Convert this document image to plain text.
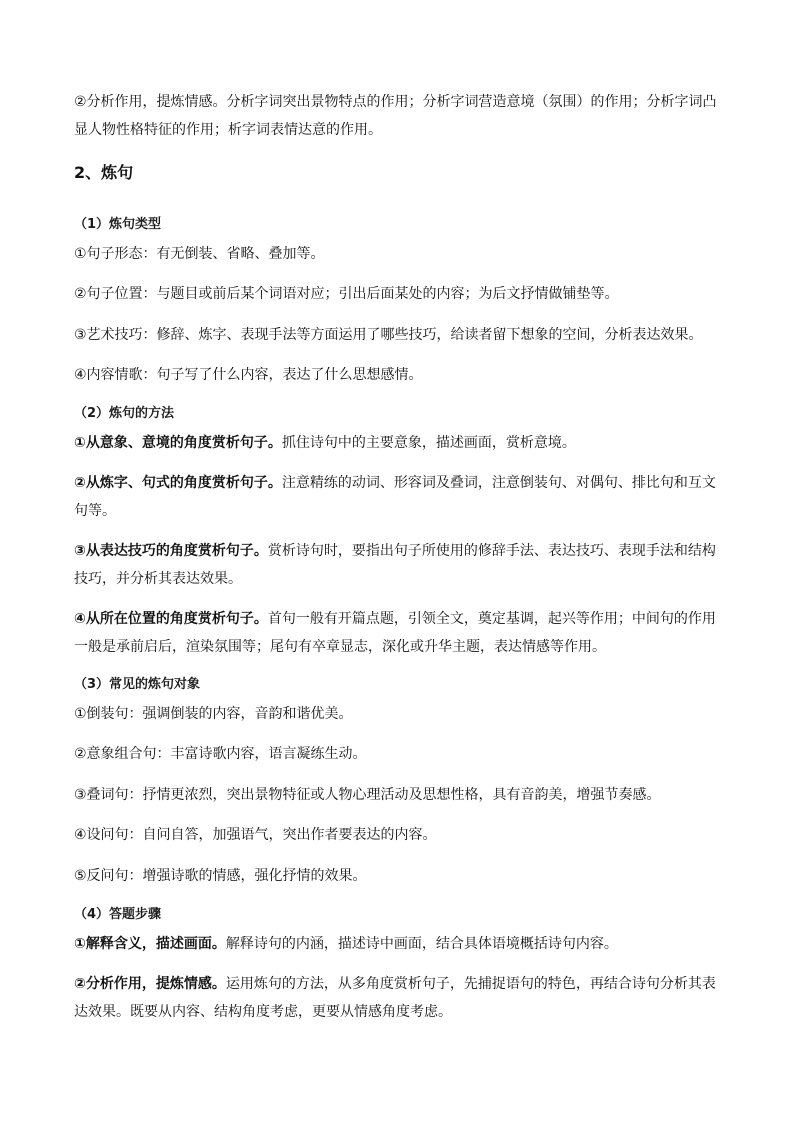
②分析作用，提炼情感。分析字词突出景物特点的作用；分析字词营造意境（氛围）的作用；分析字词凸显人物性格特征的作用；析字词表情达意的作用。

2、炼句
（1）炼句类型

①句子形态：有无倒装、省略、叠加等。

②句子位置：与题目或前后某个词语对应；引出后面某处的内容；为后文抒情做铺垫等。

③艺术技巧：修辞、炼字、表现手法等方面运用了哪些技巧，给读者留下想象的空间，分析表达效果。

④内容情歌：句子写了什么内容，表达了什么思想感情。

（2）炼句的方法

①从意象、意境的角度赏析句子。抓住诗句中的主要意象，描述画面，赏析意境。

②从炼字、句式的角度赏析句子。注意精练的动词、形容词及叠词，注意倒装句、对偶句、排比句和互文句等。

③从表达技巧的角度赏析句子。赏析诗句时，要指出句子所使用的修辞手法、表达技巧、表现手法和结构技巧，并分析其表达效果。

④从所在位置的角度赏析句子。首句一般有开篇点题，引领全文，奠定基调，起兴等作用；中间句的作用一般是承前启后，渲染氛围等；尾句有卒章显志，深化或升华主题，表达情感等作用。

（3）常见的炼句对象

①倒装句：强调倒装的内容，音韵和谐优美。

②意象组合句：丰富诗歌内容，语言凝练生动。

③叠词句：抒情更浓烈，突出景物特征或人物心理活动及思想性格，具有音韵美，增强节奏感。

④设问句：自问自答，加强语气，突出作者要表达的内容。

⑤反问句：增强诗歌的情感，强化抒情的效果。

（4）答题步骤

①解释含义，描述画面。解释诗句的内涵，描述诗中画面，结合具体语境概括诗句内容。

②分析作用，提炼情感。运用炼句的方法，从多角度赏析句子，先捕捉语句的特色，再结合诗句分析其表达效果。既要从内容、结构角度考虑，更要从情感角度考虑。
